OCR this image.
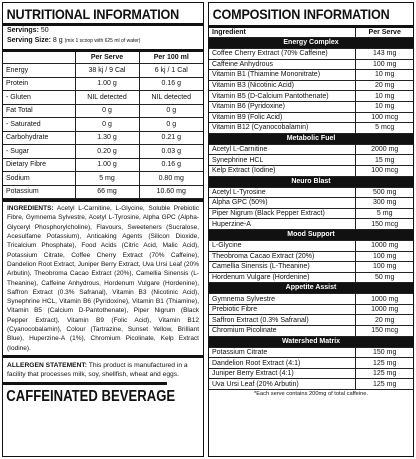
NUTRITIONAL INFORMATION
Servings: 50
Serving Size: 8 g (mix 1 scoop with 625 ml of water)
	Per Serve	Per 100 ml
Energy	38 kj / 9 Cal	6 kj / 1 Cal
Protein	1.00 g	0.16 g
- Gluten	NIL detected	NIL detected
Fat Total	0 g	0 g
- Saturated	0 g	0 g
Carbohydrate	1.30 g	0.21 g
- Sugar	0.20 g	0.03 g
Dietary Fibre	1.00 g	0.16 g
Sodium	5 mg	0.80 mg
Potassium	66 mg	10.60 mg
INGREDIENTS: Acetyl L-Carnitine, L-Glycine, Soluble Prebiotic Fibre, Gymnema Sylvestre, Acetyl L-Tyrosine, Alpha GPC (Alpha-Glyceryl Phosphorylcholine), Flavours, Sweeteners (Sucralose, Acesulfame Potassium), Anticaking Agents (Silicon Dioxide, Tricalcium Phosphate), Food Acids (Citric Acid, Malic Acid), Potassium Citrate, Coffee Cherry Extract (70% Caffeine), Dandelion Root Extract, Juniper Berry Extract, Uva Ursi Leaf (20% Arbutin), Theobroma Cacao Extract (20%), Camellia Sinensis (L-Theanine), Caffeine Anhydrous, Hordenum Vulgare (Hordenine), Saffron Extract (0.3% Safranal), Vitamin B3 (Nicotinic Acid), Synephrine HCL, Vitamin B6 (Pyridoxine), Vitamin B1 (Thiamine), Vitamin B5 (Calcium D-Pantothenate), Piper Nigrum (Black Pepper Extract), Vitamin B9 (Folic Acid), Vitamin B12 (Cyanocobalamin), Colour (Tartrazine, Sunset Yellow, Brilliant Blue), Huperzine-A (1%), Chromium Picolinate, Kelp Extract (Iodine).
ALLERGEN STATEMENT: This product is manufactured in a facility that processes milk, soy, shellfish, wheat and eggs.
CAFFEINATED BEVERAGE
COMPOSITION INFORMATION
Ingredient	Per Serve
Energy Complex	
Coffee Cherry Extract (70% Caffeine)	143 mg
Caffeine Anhydrous	100 mg
Vitamin B1 (Thiamine Mononitrate)	10 mg
Vitamin B3 (Nicotinic Acid)	20 mg
Vitamin B5 (D-Calcium Pantothenate)	10 mg
Vitamin B6 (Pyridoxine)	10 mg
Vitamin B9 (Folic Acid)	100 mcg
Vitamin B12 (Cyanocobalamin)	5 mcg
Metabolic Fuel	
Acetyl L-Carnitine	2000 mg
Synephrine HCL	15 mg
Kelp Extract (Iodine)	100 mcg
Neuro Blast	
Acetyl L-Tyrosine	500 mg
Alpha GPC (50%)	300 mg
Piper Nigrum (Black Pepper Extract)	5 mg
Huperzine-A	150 mcg
Mood Support	
L-Glycine	1000 mg
Theobroma Cacao Extract (20%)	100 mg
Camellia Sinensis (L-Theanine)	100 mg
Hordenum Vulgare (Hordenine)	50 mg
Appetite Assist	
Gymnema Sylvestre	1000 mg
Prebiotic Fibre	1000 mg
Saffron Extract (0.3% Safranal)	20 mg
Chromium Picolinate	150 mcg
Watershed Matrix	
Potassium Citrate	150 mg
Dandelion Root Extract (4:1)	125 mg
Juniper Berry Extract (4:1)	125 mg
Uva Ursi Leaf (20% Arbutin)	125 mg
*Each serve contains 200mg of total caffeine.
